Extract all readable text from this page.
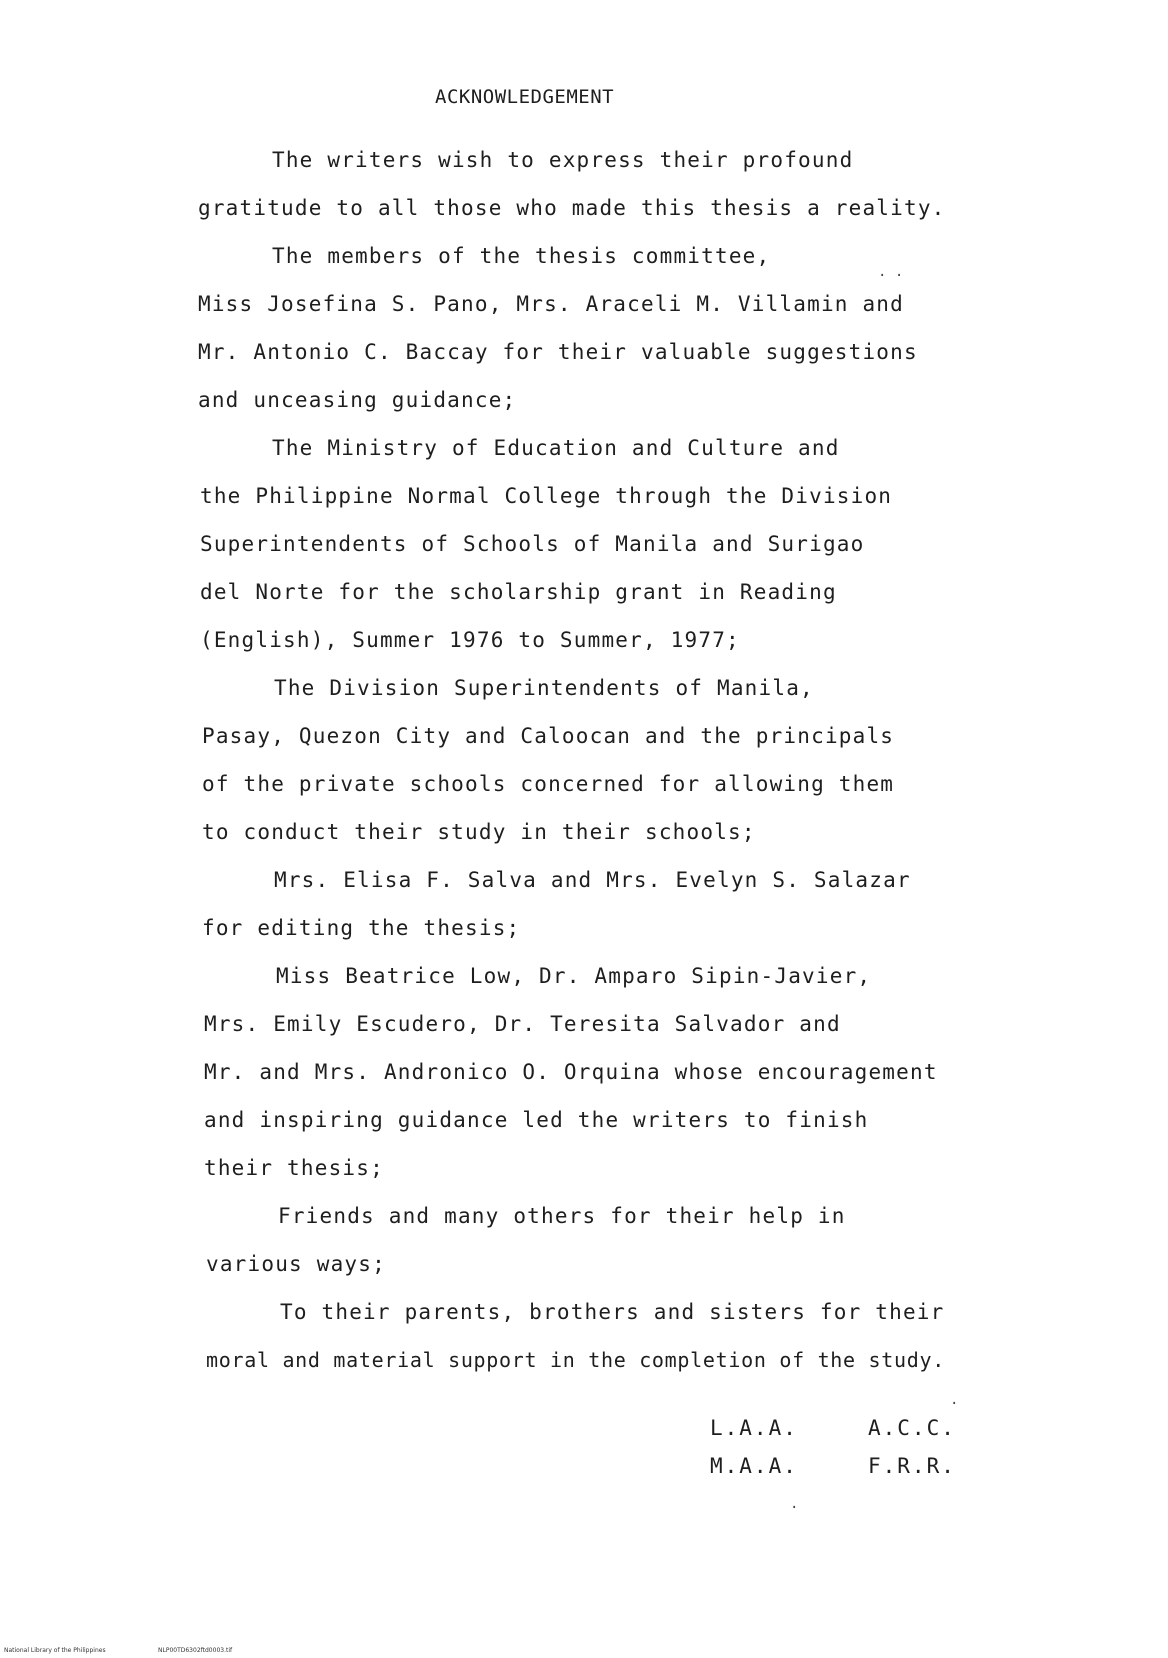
ACKNOWLEDGEMENT
The writers wish to express their profound
gratitude to all those who made this thesis a reality.
The members of the thesis committee,
Miss Josefina S. Pano, Mrs. Araceli M. Villamin and
Mr. Antonio C. Baccay for their valuable suggestions
and unceasing guidance;
The Ministry of Education and Culture and
the Philippine Normal College through the Division
Superintendents of Schools of Manila and Surigao
del Norte for the scholarship grant in Reading
(English), Summer 1976 to Summer, 1977;
The Division Superintendents of Manila,
Pasay, Quezon City and Caloocan and the principals
of the private schools concerned for allowing them
to conduct their study in their schools;
Mrs. Elisa F. Salva and Mrs. Evelyn S. Salazar
for editing the thesis;
Miss Beatrice Low, Dr. Amparo Sipin-Javier,
Mrs. Emily Escudero, Dr. Teresita Salvador and
Mr. and Mrs. Andronico O. Orquina whose encouragement
and inspiring guidance led the writers to finish
their thesis;
Friends and many others for their help in
various ways;
To their parents, brothers and sisters for their
moral and material support in the completion of the study.
L.A.A.
M.A.A.
A.C.C.
F.R.R.
· ·
·
·
National Library of the Philippines	NLP00TD6302ftd0003.tif
